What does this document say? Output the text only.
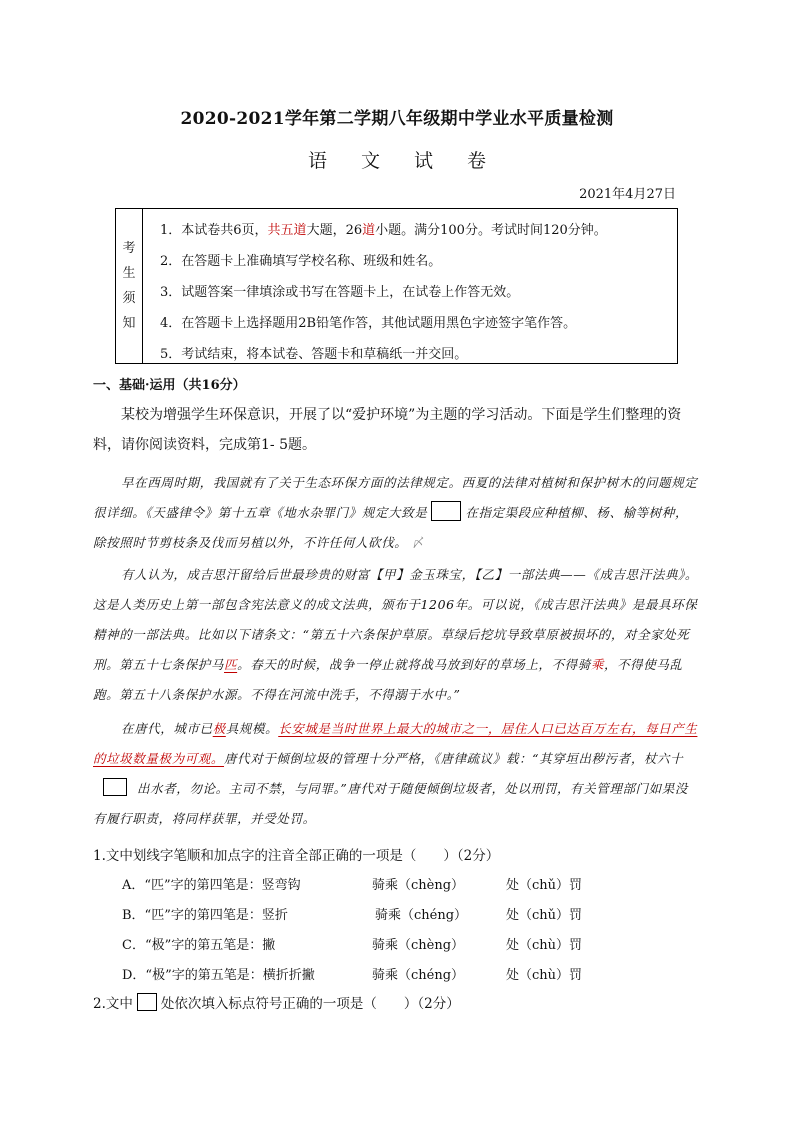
2020-2021学年第二学期八年级期中学业水平质量检测
语 文 试 卷
2021年4月27日
考
生
须
知
1．本试卷共6页，共五道大题，26道小题。满分100分。考试时间120分钟。
2．在答题卡上准确填写学校名称、班级和姓名。
3．试题答案一律填涂或书写在答题卡上，在试卷上作答无效。
4．在答题卡上选择题用2B铅笔作答，其他试题用黑色字迹签字笔作答。
5．考试结束，将本试卷、答题卡和草稿纸一并交回。
一、基础·运用（共16分）
某校为增强学生环保意识，开展了以“爱护环境”为主题的学习活动。下面是学生们整理的资料，请你阅读资料，完成第1- 5题。
早在西周时期，我国就有了关于生态环保方面的法律规定。西夏的法律对植树和保护树木的问题规定很详细。《天盛律令》第十五章《地水杂罪门》规定大致是	在指定渠段应种植柳、杨、榆等树种，除按照时节剪枝条及伐而另植以外，不许任何人砍伐。 〆
有人认为，成吉思汗留给后世最珍贵的财富【甲】金玉珠宝，【乙】一部法典——《成吉思汗法典》。这是人类历史上第一部包含宪法意义的成文法典，颁布于1206年。可以说，《成吉思汗法典》是最具环保精神的一部法典。比如以下诸条文：“第五十六条保护草原。草绿后挖坑导致草原被损坏的，对全家处死刑。第五十七条保护马匹。春天的时候，战争一停止就将战马放到好的草场上，不得骑乘，不得使马乱跑。第五十八条保护水源。不得在河流中洗手，不得溺于水中。”
在唐代，城市已极具规模。长安城是当时世界上最大的城市之一，居住人口已达百万左右，每日产生的垃圾数量极为可观。唐代对于倾倒垃圾的管理十分严格，《唐律疏议》载：“其穿垣出秽污者，杖六十出水者，勿论。主司不禁，与同罪。”唐代对于随便倾倒垃圾者，处以刑罚，有关管理部门如果没有履行职责，将同样获罪，并受处罚。
1.文中划线字笔顺和加点字的注音全部正确的一项是（　　）（2分）
A．“匹”字的第四笔是：竖弯钩	骑乘（chèng）	处（chǔ）罚
B．“匹”字的第四笔是：竖折	骑乘（chéng）	处（chǔ）罚
C．“极”字的第五笔是：撇	骑乘（chèng）	处（chù）罚
D．“极”字的第五笔是：横折折撇	骑乘（chéng）	处（chù）罚
2.文中 处依次填入标点符号正确的一项是（　　）（2分）
